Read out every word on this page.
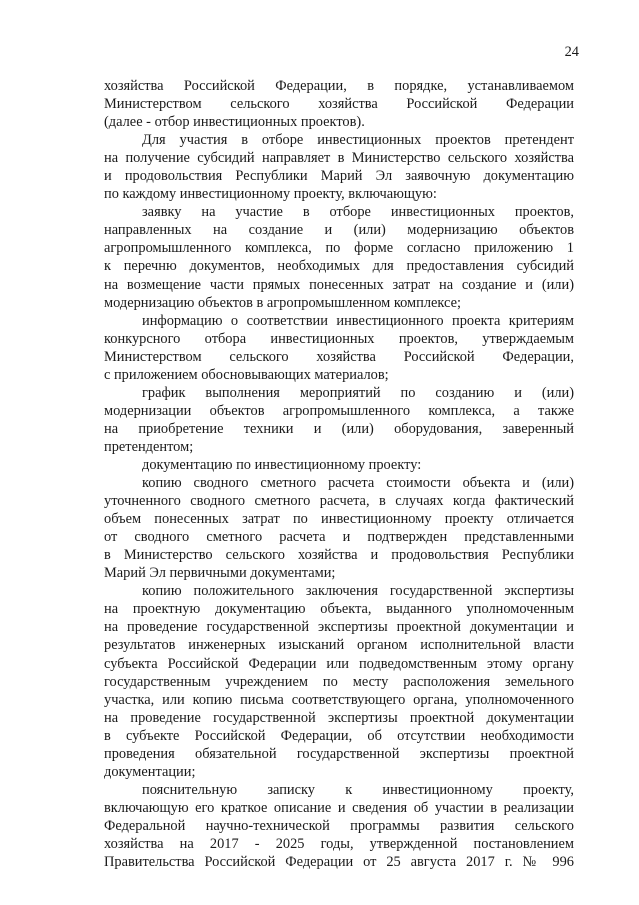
24
хозяйства Российской Федерации, в порядке, устанавливаемом
Министерством сельского хозяйства Российской Федерации
(далее - отбор инвестиционных проектов).
Для участия в отборе инвестиционных проектов претендент
на получение субсидий направляет в Министерство сельского хозяйства
и продовольствия Республики Марий Эл заявочную документацию
по каждому инвестиционному проекту, включающую:
заявку на участие в отборе инвестиционных проектов,
направленных на создание и (или) модернизацию объектов
агропромышленного комплекса, по форме согласно приложению 1
к перечню документов, необходимых для предоставления субсидий
на возмещение части прямых понесенных затрат на создание и (или)
модернизацию объектов в агропромышленном комплексе;
информацию о соответствии инвестиционного проекта критериям
конкурсного отбора инвестиционных проектов, утверждаемым
Министерством сельского хозяйства Российской Федерации,
с приложением обосновывающих материалов;
график выполнения мероприятий по созданию и (или)
модернизации объектов агропромышленного комплекса, а также
на приобретение техники и (или) оборудования, заверенный
претендентом;
документацию по инвестиционному проекту:
копию сводного сметного расчета стоимости объекта и (или)
уточненного сводного сметного расчета, в случаях когда фактический
объем понесенных затрат по инвестиционному проекту отличается
от сводного сметного расчета и подтвержден представленными
в Министерство сельского хозяйства и продовольствия Республики
Марий Эл первичными документами;
копию положительного заключения государственной экспертизы
на проектную документацию объекта, выданного уполномоченным
на проведение государственной экспертизы проектной документации и
результатов инженерных изысканий органом исполнительной власти
субъекта Российской Федерации или подведомственным этому органу
государственным учреждением по месту расположения земельного
участка, или копию письма соответствующего органа, уполномоченного
на проведение государственной экспертизы проектной документации
в субъекте Российской Федерации, об отсутствии необходимости
проведения обязательной государственной экспертизы проектной
документации;
пояснительную записку к инвестиционному проекту,
включающую его краткое описание и сведения об участии в реализации
Федеральной научно-технической программы развития сельского
хозяйства на 2017 - 2025 годы, утвержденной постановлением
Правительства Российской Федерации от 25 августа 2017 г. № 996
